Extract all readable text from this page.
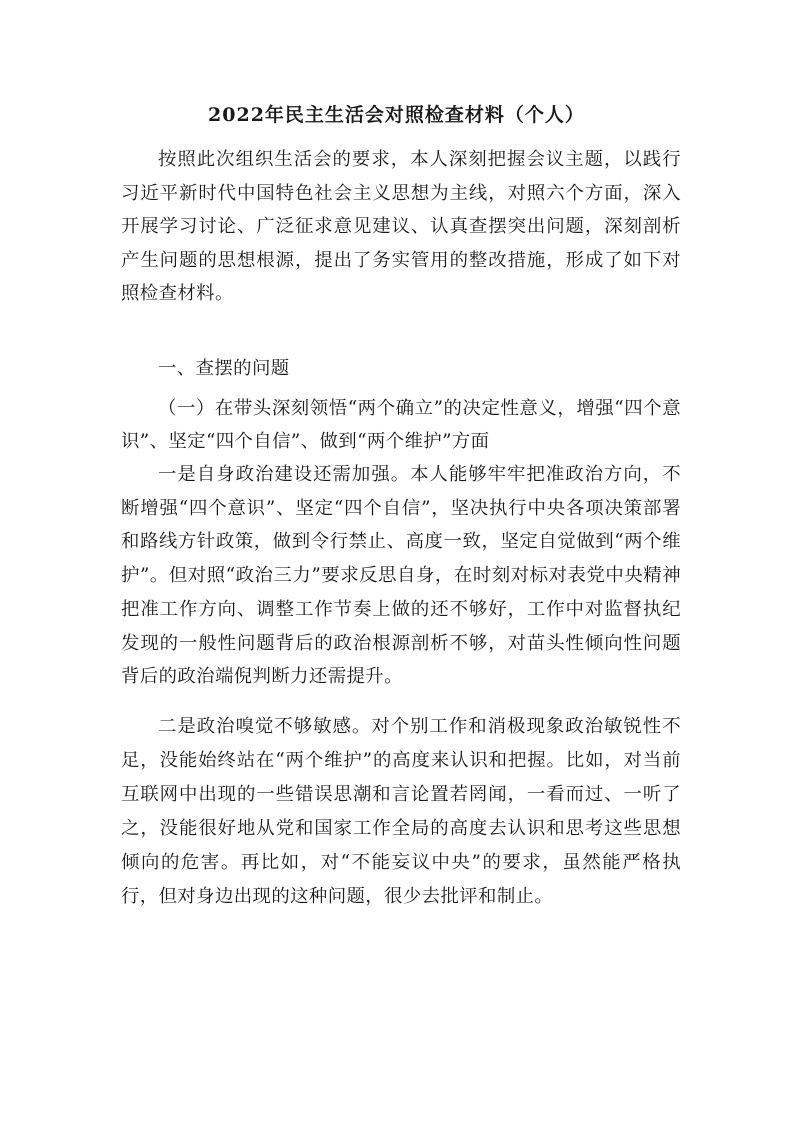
2022年民主生活会对照检查材料（个人）

按照此次组织生活会的要求，本人深刻把握会议主题，以践行习近平新时代中国特色社会主义思想为主线，对照六个方面，深入开展学习讨论、广泛征求意见建议、认真查摆突出问题，深刻剖析产生问题的思想根源，提出了务实管用的整改措施，形成了如下对照检查材料。

一、查摆的问题

（一）在带头深刻领悟“两个确立”的决定性意义，增强“四个意识”、坚定“四个自信”、做到“两个维护”方面

一是自身政治建设还需加强。本人能够牢牢把准政治方向，不断增强“四个意识”、坚定“四个自信”，坚决执行中央各项决策部署和路线方针政策，做到令行禁止、高度一致，坚定自觉做到“两个维护”。但对照“政治三力”要求反思自身，在时刻对标对表党中央精神把准工作方向、调整工作节奏上做的还不够好，工作中对监督执纪发现的一般性问题背后的政治根源剖析不够，对苗头性倾向性问题背后的政治端倪判断力还需提升。

二是政治嗅觉不够敏感。对个别工作和消极现象政治敏锐性不足，没能始终站在“两个维护”的高度来认识和把握。比如，对当前互联网中出现的一些错误思潮和言论置若罔闻，一看而过、一听了之，没能很好地从党和国家工作全局的高度去认识和思考这些思想倾向的危害。再比如，对“不能妄议中央”的要求，虽然能严格执行，但对身边出现的这种问题，很少去批评和制止。
